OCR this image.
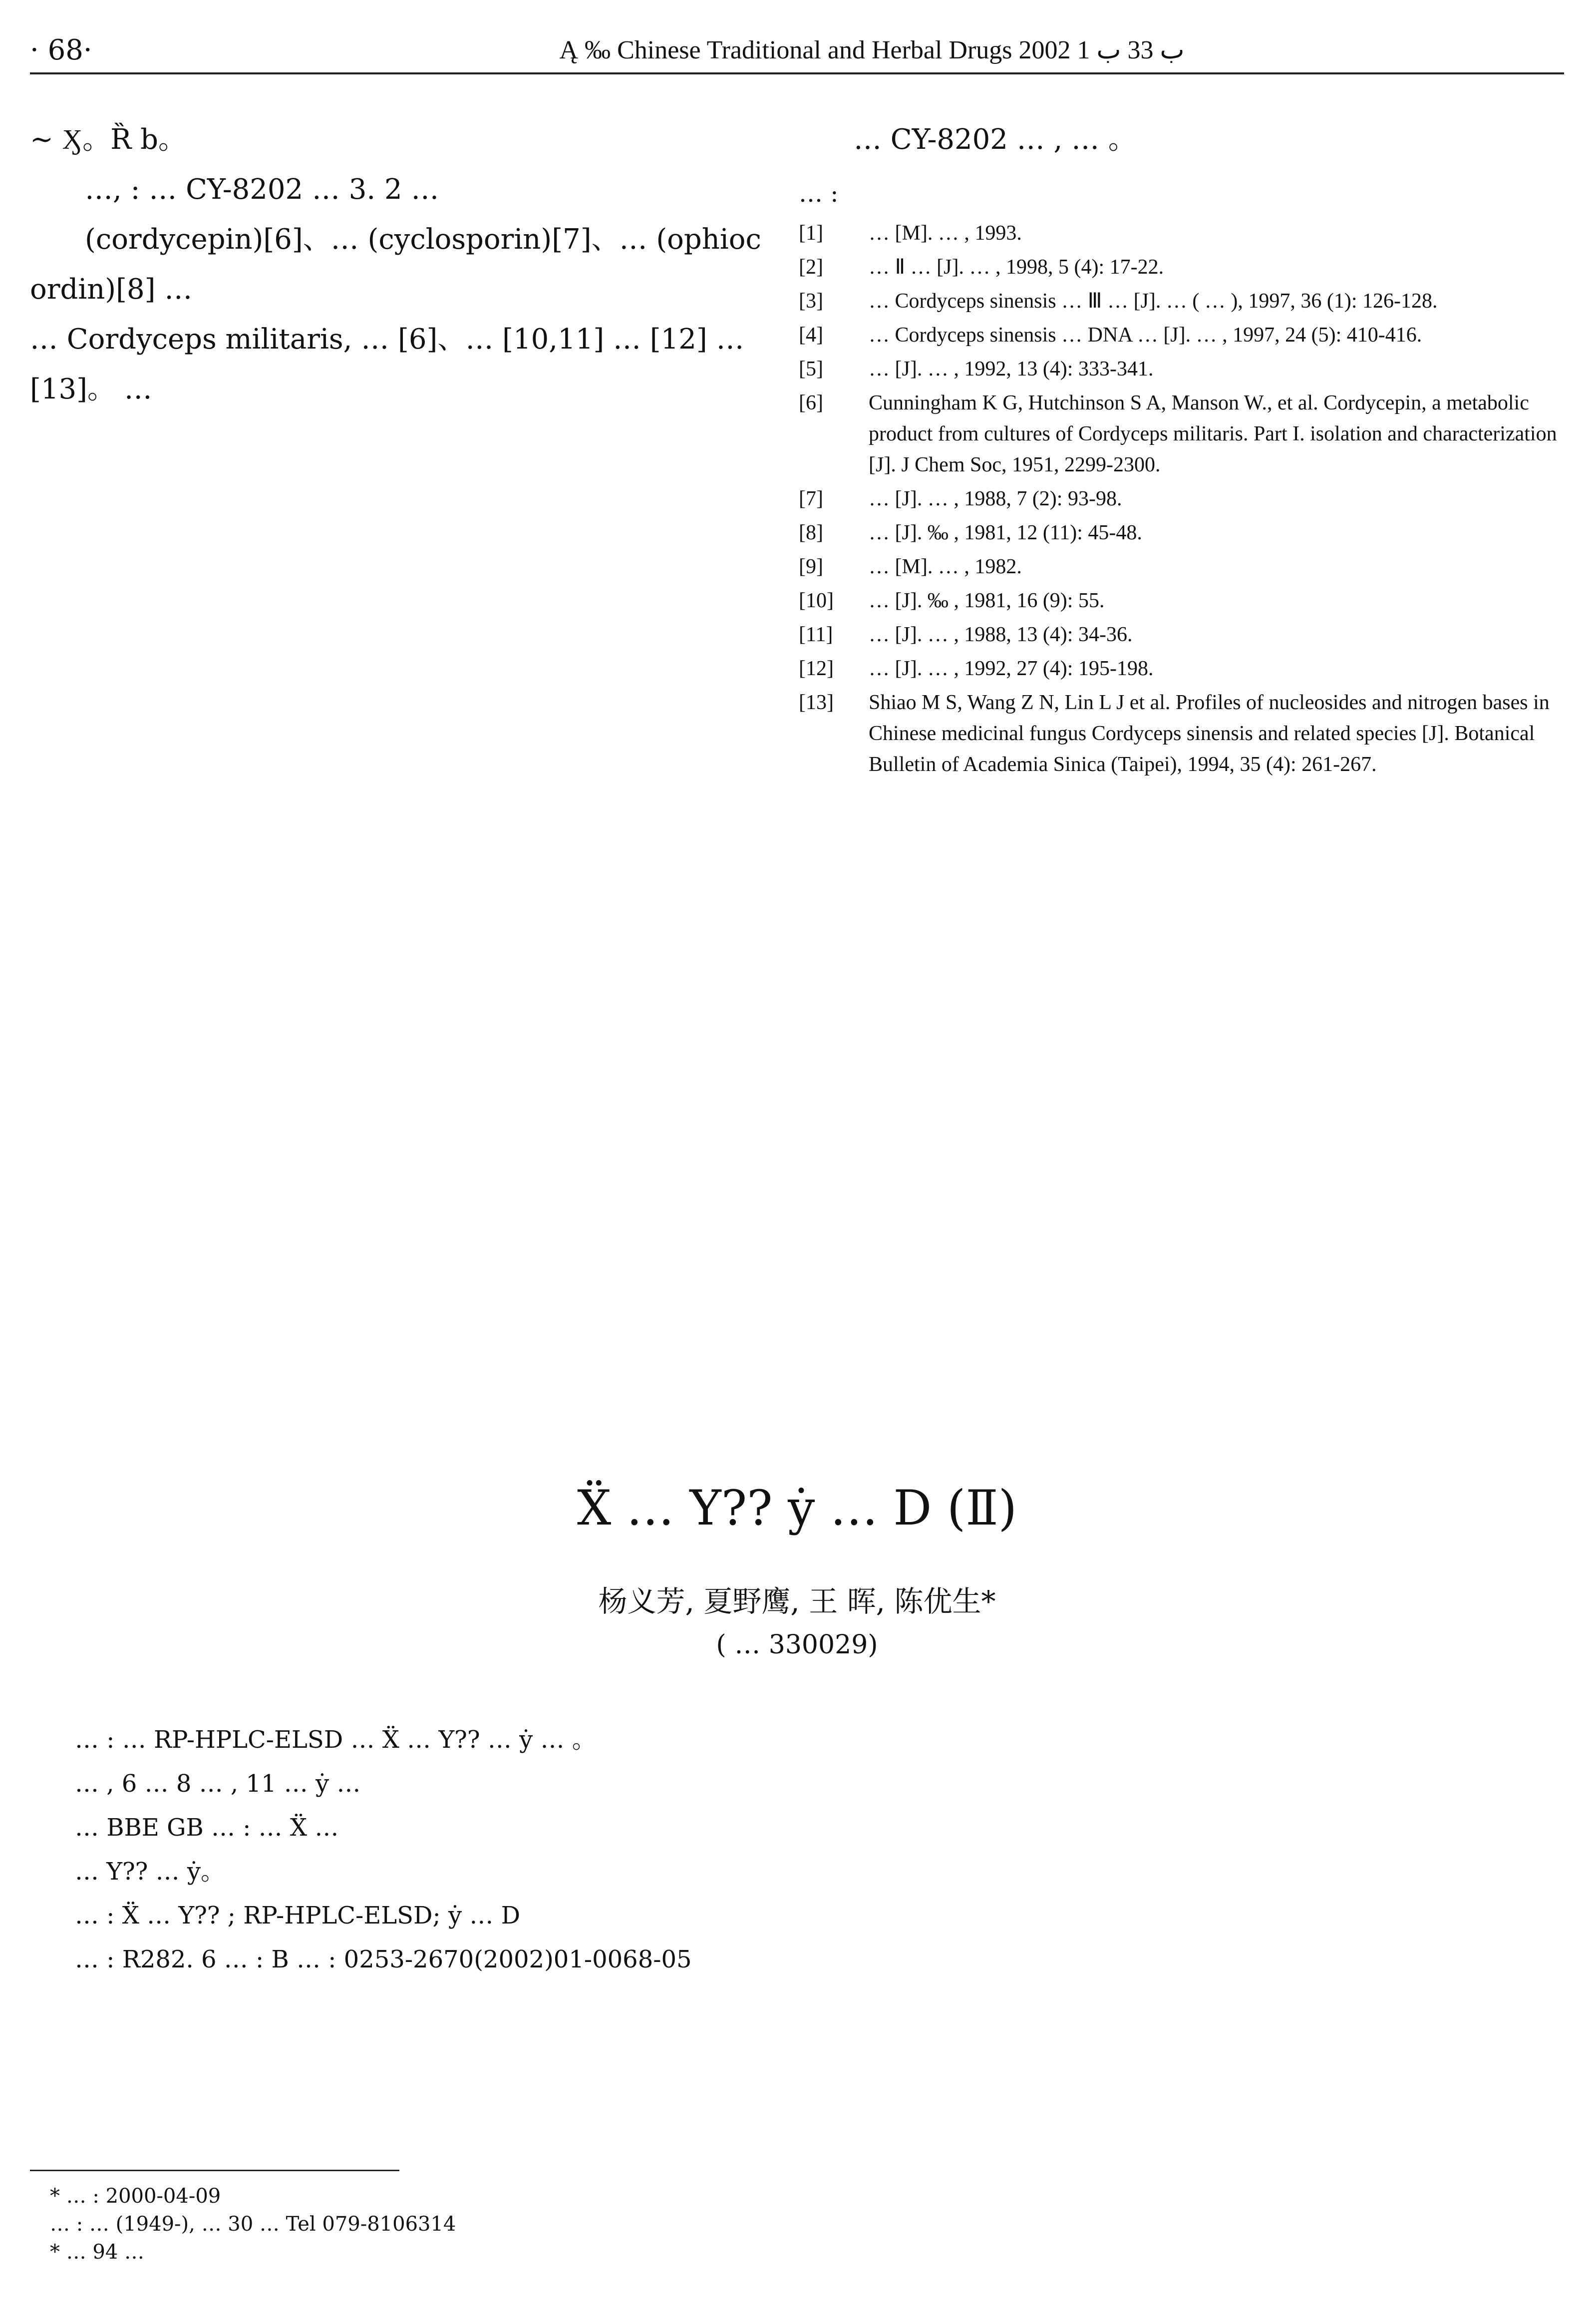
· 68·	Ą ‰ Chinese Traditional and Herbal Drugs 2002 ب 33 ب 1

~ Ӽ。Ȑ b。

…, : … CY-8202 … 3. 2 …

(cordycepin)[6]、… (cyclosporin)[7]、… (ophiocordin)[8] …

… Cordyceps militaris, … [6]、… [10,11] … [12] … [13]。 …

… CY-8202 … , … 。

… :
[1]	… [M]. … , 1993.
[2]	… Ⅱ … [J]. … , 1998, 5 (4): 17-22.
[3]	… Cordyceps sinensis … Ⅲ … [J]. … ( … ), 1997, 36 (1): 126-128.
[4]	… Cordyceps sinensis … DNA … [J]. … , 1997, 24 (5): 410-416.
[5]	… [J]. … , 1992, 13 (4): 333-341.
[6]	Cunningham K G, Hutchinson S A, Manson W., et al. Cordycepin, a metabolic product from cultures of Cordyceps militaris. Part I. isolation and characterization [J]. J Chem Soc, 1951, 2299-2300.
[7]	… [J]. … , 1988, 7 (2): 93-98.
[8]	… [J]. ‰ , 1981, 12 (11): 45-48.
[9]	… [M]. … , 1982.
[10]	… [J]. ‰ , 1981, 16 (9): 55.
[11]	… [J]. … , 1988, 13 (4): 34-36.
[12]	… [J]. … , 1992, 27 (4): 195-198.
[13]	Shiao M S, Wang Z N, Lin L J et al. Profiles of nucleosides and nitrogen bases in Chinese medicinal fungus Cordyceps sinensis and related species [J]. Botanical Bulletin of Academia Sinica (Taipei), 1994, 35 (4): 261-267.
Ẍ … Y?? ẏ … D (Ⅱ)
杨义芳, 夏野鹰, 王 晖, 陈优生*
( … 330029)
… : … RP-HPLC-ELSD … Ẍ … Y?? … ẏ … 。
… , 6 … 8 … , 11 … ẏ …
… BBE GB … : … Ẍ …
… Y?? … ẏ。
… : Ẍ … Y?? ; RP-HPLC-ELSD; ẏ … D
… : R282. 6 … : B … : 0253-2670(2002)01-0068-05
* … : 2000-04-09
… : … (1949-), … 30 … Tel 079-8106314
* … 94 …
